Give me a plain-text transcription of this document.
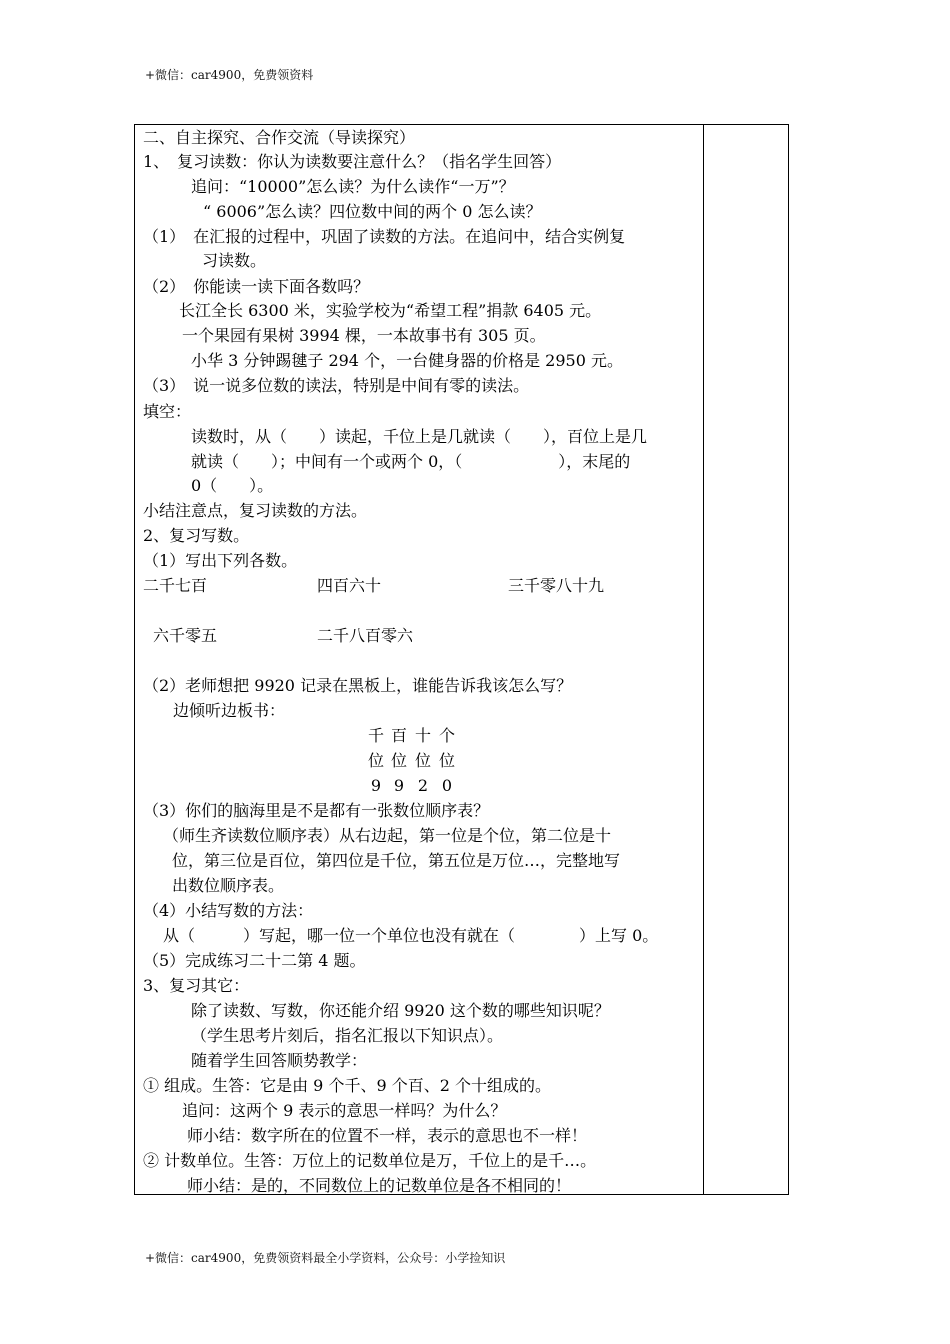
+微信：car4900，免费领资料
二、自主探究、合作交流（导读探究）
1、　复习读数：你认为读数要注意什么？（指名学生回答）
追问：“10000”怎么读？为什么读作“一万”？
“ 6006”怎么读？四位数中间的两个 0 怎么读？
（1）　在汇报的过程中，巩固了读数的方法。在追问中，结合实例复
习读数。
（2）　你能读一读下面各数吗？
长江全长 6300 米，实验学校为“希望工程”捐款 6405 元。
一个果园有果树 3994 棵，一本故事书有 305 页。
小华 3 分钟踢毽子 294 个，一台健身器的价格是 2950 元。
（3）　说一说多位数的读法，特别是中间有零的读法。
填空：
读数时，从（　　）读起，千位上是几就读（　　），百位上是几
就读（　　）；中间有一个或两个 0，（　　　　　　），末尾的
0（　　）。
小结注意点，复习读数的方法。
2、复习写数。
（1）写出下列各数。
二千七百	四百六十	三千零八十九
六千零五	二千八百零六
（2）老师想把 9920 记录在黑板上，谁能告诉我该怎么写？
边倾听边板书：
千 百 十 个
位 位 位 位
9 9 2 0
（3）你们的脑海里是不是都有一张数位顺序表？
（师生齐读数位顺序表）从右边起，第一位是个位，第二位是十
位，第三位是百位，第四位是千位，第五位是万位…，完整地写
出数位顺序表。
（4）小结写数的方法：
从（　　　）写起，哪一位一个单位也没有就在（　　　　）上写 0。
（5）完成练习二十二第 4 题。
3、复习其它：
除了读数、写数，你还能介绍 9920 这个数的哪些知识呢？
（学生思考片刻后，指名汇报以下知识点）。
随着学生回答顺势教学：
① 组成。生答：它是由 9 个千、9 个百、2 个十组成的。
追问：这两个 9 表示的意思一样吗？为什么？
师小结：数字所在的位置不一样，表示的意思也不一样！
② 计数单位。生答：万位上的记数单位是万，千位上的是千…。
师小结：是的，不同数位上的记数单位是各不相同的！
+微信：car4900，免费领资料最全小学资料，公众号：小学捡知识
